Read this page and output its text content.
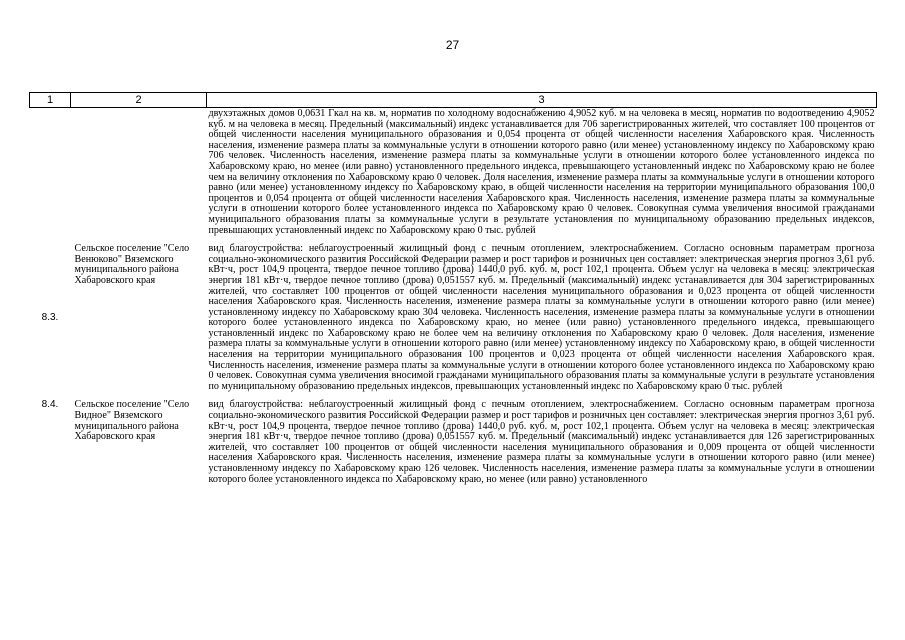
27
1	2	3

		двухэтажных домов 0,0631 Гкал на кв. м, норматив по холодному водоснабжению 4,9052 куб. м на человека в месяц, норматив по водоотведению 4,9052 куб. м на человека в месяц. Предельный (максимальный) индекс устанавливается для 706 зарегистрированных жителей, что составляет 100 процентов от общей численности населения муниципального образования и 0,054 процента от общей численности населения Хабаровского края. Численность населения, изменение размера платы за коммунальные услуги в отношении которого равно (или менее) установленному индексу по Хабаровскому краю 706 человек. Численность населения, изменение размера платы за коммунальные услуги в отношении которого более установленного индекса по Хабаровскому краю, но менее (или равно) установленного предельного индекса, превышающего установленный индекс по Хабаровскому краю не более чем на величину отклонения по Хабаровскому краю 0 человек. Доля населения, изменение размера платы за коммунальные услуги в отношении которого равно (или менее) установленному индексу по Хабаровскому краю, в общей численности населения на территории муниципального образования 100,0 процентов и 0,054 процента от общей численности населения Хабаровского края. Численность населения, изменение размера платы за коммунальные услуги в отношении которого более установленного индекса по Хабаровскому краю 0 человек. Совокупная сумма увеличения вносимой гражданами муниципального образования платы за коммунальные услуги в результате установления по муниципальному образованию предельных индексов, превышающих установленный индекс по Хабаровскому краю 0 тыс. рублей

8.3.	Сельское поселение "Село Венюково" Вяземского муниципального района Хабаровского края	вид благоустройства: неблагоустроенный жилищный фонд с печным отоплением, электроснабжением. Согласно основным параметрам прогноза социально-экономического развития Российской Федерации размер и рост тарифов и розничных цен составляет: электрическая энергия прогноз 3,61 руб. кВт·ч, рост 104,9 процента, твердое печное топливо (дрова) 1440,0 руб. куб. м, рост 102,1 процента. Объем услуг на человека в месяц: электрическая энергия 181 кВт·ч, твердое печное топливо (дрова) 0,051557 куб. м. Предельный (максимальный) индекс устанавливается для 304 зарегистрированных жителей, что составляет 100 процентов от общей численности населения муниципального образования и 0,023 процента от общей численности населения Хабаровского края. Численность населения, изменение размера платы за коммунальные услуги в отношении которого равно (или менее) установленному индексу по Хабаровскому краю 304 человека. Численность населения, изменение размера платы за коммунальные услуги в отношении которого более установленного индекса по Хабаровскому краю, но менее (или равно) установленного предельного индекса, превышающего установленный индекс по Хабаровскому краю не более чем на величину отклонения по Хабаровскому краю 0 человек. Доля населения, изменение размера платы за коммунальные услуги в отношении которого равно (или менее) установленному индексу по Хабаровскому краю, в общей численности населения на территории муниципального образования 100 процентов и 0,023 процента от общей численности населения Хабаровского края. Численность населения, изменение размера платы за коммунальные услуги в отношении которого более установленного индекса по Хабаровскому краю 0 человек. Совокупная сумма увеличения вносимой гражданами муниципального образования платы за коммунальные услуги в результате установления по муниципальному образованию предельных индексов, превышающих установленный индекс по Хабаровскому краю 0 тыс. рублей

8.4.	Сельское поселение "Село Видное" Вяземского муниципального района Хабаровского края	вид благоустройства: неблагоустроенный жилищный фонд с печным отоплением, электроснабжением. Согласно основным параметрам прогноза социально-экономического развития Российской Федерации размер и рост тарифов и розничных цен составляет: электрическая энергия прогноз 3,61 руб. кВт·ч, рост 104,9 процента, твердое печное топливо (дрова) 1440,0 руб. куб. м, рост 102,1 процента. Объем услуг на человека в месяц: электрическая энергия 181 кВт·ч, твердое печное топливо (дрова) 0,051557 куб. м. Предельный (максимальный) индекс устанавливается для 126 зарегистрированных жителей, что составляет 100 процентов от общей численности населения муниципального образования и 0,009 процента от общей численности населения Хабаровского края. Численность населения, изменение размера платы за коммунальные услуги в отношении которого равно (или менее) установленному индексу по Хабаровскому краю 126 человек. Численность населения, изменение размера платы за коммунальные услуги в отношении которого более установленного индекса по Хабаровскому краю, но менее (или равно) установленного
